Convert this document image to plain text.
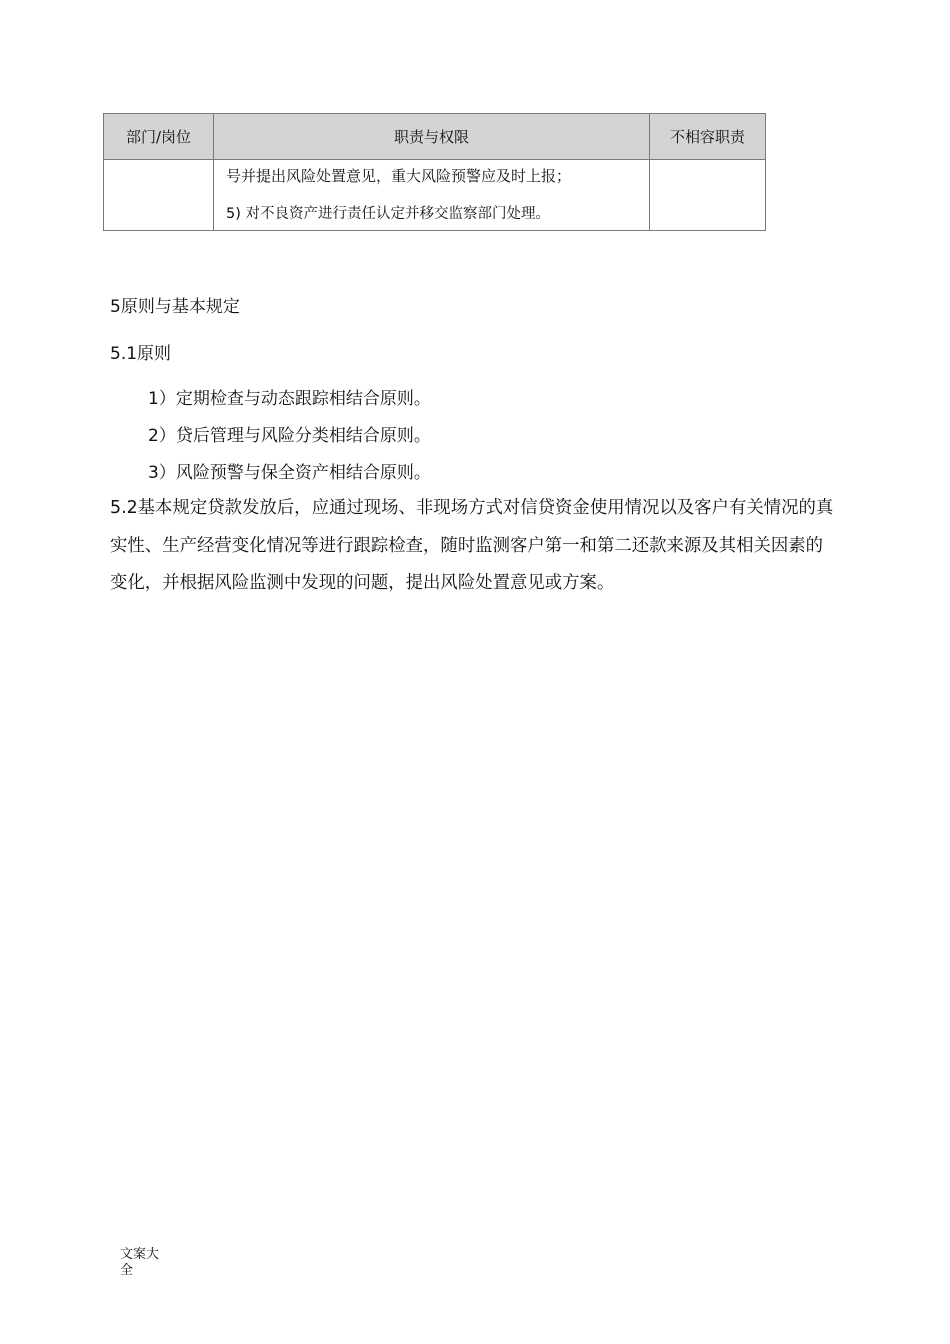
部门/岗位	职责与权限	不相容职责

	号并提出风险处置意见，重大风险预警应及时上报；
5) 对不良资产进行责任认定并移交监察部门处理。	

5原则与基本规定
5.1原则
1）定期检查与动态跟踪相结合原则。
2）贷后管理与风险分类相结合原则。
3）风险预警与保全资产相结合原则。

5.2基本规定贷款发放后，应通过现场、非现场方式对信贷资金使用情况以及客户有关情况的真实性、生产经营变化情况等进行跟踪检查，随时监测客户第一和第二还款来源及其相关因素的变化，并根据风险监测中发现的问题，提出风险处置意见或方案。

文案大全
